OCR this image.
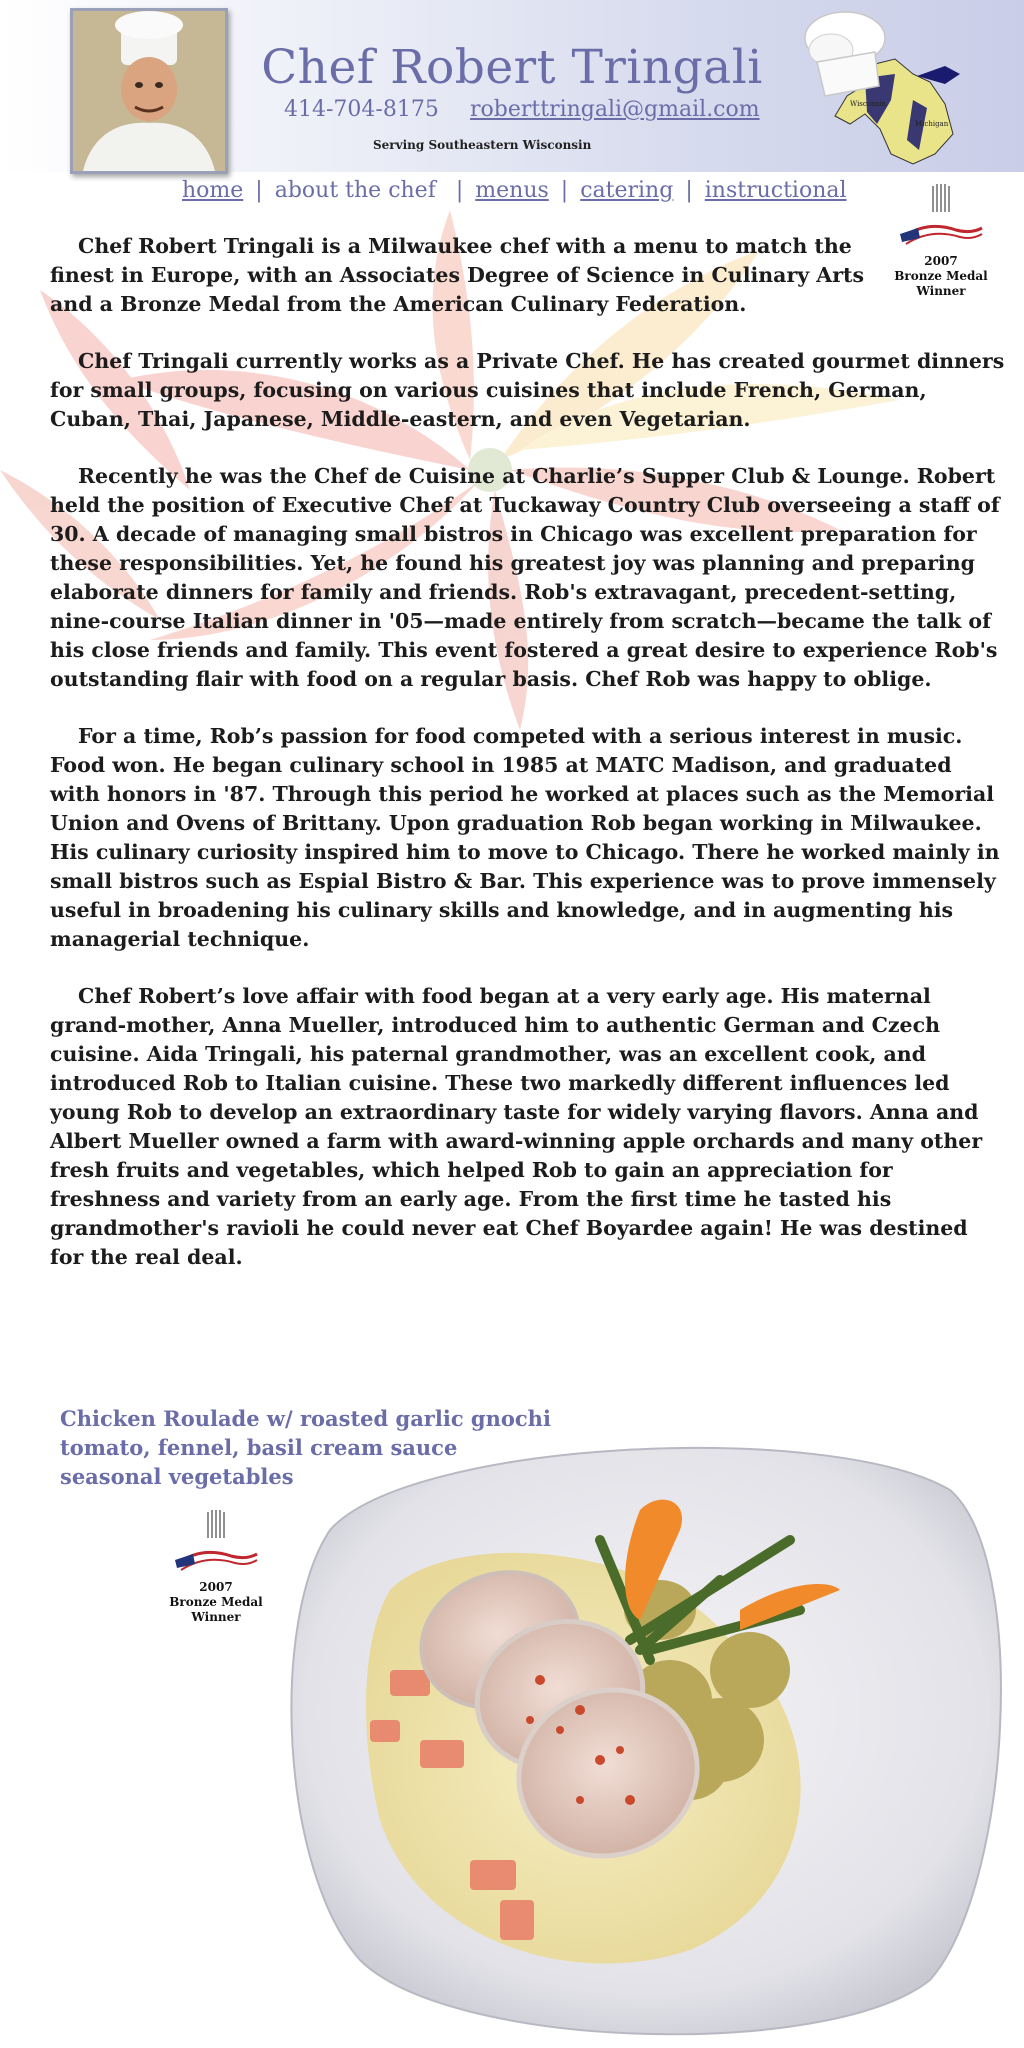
Chef Robert Tringali
414-704-8175 roberttringali@gmail.com
Serving Southeastern Wisconsin
Wisconsin
Michigan
home | about the chef | menus | catering | instructional
2007
Bronze Medal
Winner

Chef Robert Tringali is a Milwaukee chef with a menu to match the finest in Europe, with an Associates Degree of Science in Culinary Arts and a Bronze Medal from the American Culinary Federation.

Chef Tringali currently works as a Private Chef. He has created gourmet dinners for small groups, focusing on various cuisines that include French, German, Cuban, Thai, Japanese, Middle-eastern, and even Vegetarian.

Recently he was the Chef de Cuisine at Charlie’s Supper Club & Lounge. Robert held the position of Executive Chef at Tuckaway Country Club overseeing a staff of 30. A decade of managing small bistros in Chicago was excellent preparation for these responsibilities. Yet, he found his greatest joy was planning and preparing elaborate dinners for family and friends. Rob's extravagant, precedent-setting, nine-course Italian dinner in '05—made entirely from scratch—became the talk of his close friends and family. This event fostered a great desire to experience Rob's outstanding flair with food on a regular basis. Chef Rob was happy to oblige.

For a time, Rob’s passion for food competed with a serious interest in music. Food won. He began culinary school in 1985 at MATC Madison, and graduated with honors in '87. Through this period he worked at places such as the Memorial Union and Ovens of Brittany. Upon graduation Rob began working in Milwaukee. His culinary curiosity inspired him to move to Chicago. There he worked mainly in small bistros such as Espial Bistro & Bar. This experience was to prove immensely useful in broadening his culinary skills and knowledge, and in augmenting his managerial technique.

Chef Robert’s love affair with food began at a very early age. His maternal grand-mother, Anna Mueller, introduced him to authentic German and Czech cuisine. Aida Tringali, his paternal grandmother, was an excellent cook, and introduced Rob to Italian cuisine. These two markedly different influences led young Rob to develop an extraordinary taste for widely varying flavors. Anna and Albert Mueller owned a farm with award-winning apple orchards and many other fresh fruits and vegetables, which helped Rob to gain an appreciation for freshness and variety from an early age. From the first time he tasted his grandmother's ravioli he could never eat Chef Boyardee again! He was destined for the real deal.

Chicken Roulade w/ roasted garlic gnochi
tomato, fennel, basil cream sauce
seasonal vegetables
2007
Bronze Medal
Winner
